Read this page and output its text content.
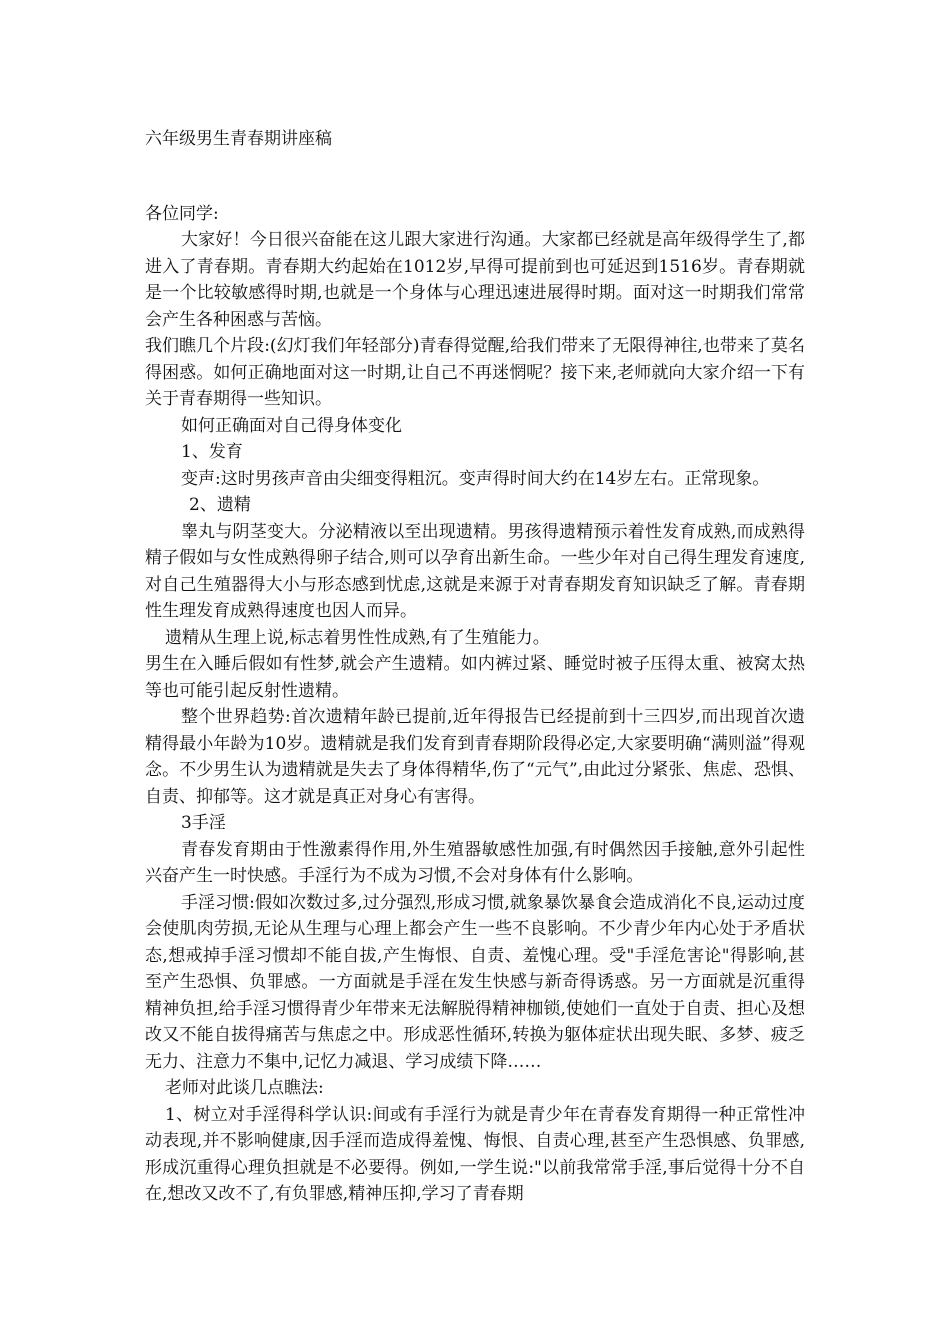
六年级男生青春期讲座稿

各位同学:

大家好！今日很兴奋能在这儿跟大家进行沟通。大家都已经就是高年级得学生了,都进入了青春期。青春期大约起始在1012岁,早得可提前到也可延迟到1516岁。青春期就是一个比较敏感得时期,也就是一个身体与心理迅速进展得时期。面对这一时期我们常常会产生各种困惑与苦恼。

我们瞧几个片段:(幻灯我们年轻部分)青春得觉醒,给我们带来了无限得神往,也带来了莫名得困惑。如何正确地面对这一时期,让自己不再迷惘呢？接下来,老师就向大家介绍一下有关于青春期得一些知识。

如何正确面对自己得身体变化

1、发育

变声:这时男孩声音由尖细变得粗沉。变声得时间大约在14岁左右。正常现象。

2、遗精

睾丸与阴茎变大。分泌精液以至出现遗精。男孩得遗精预示着性发育成熟,而成熟得精子假如与女性成熟得卵子结合,则可以孕育出新生命。一些少年对自己得生理发育速度,对自己生殖器得大小与形态感到忧虑,这就是来源于对青春期发育知识缺乏了解。青春期性生理发育成熟得速度也因人而异。

遗精从生理上说,标志着男性性成熟,有了生殖能力。

男生在入睡后假如有性梦,就会产生遗精。如内裤过紧、睡觉时被子压得太重、被窝太热等也可能引起反射性遗精。

整个世界趋势:首次遗精年龄已提前,近年得报告已经提前到十三四岁,而出现首次遗精得最小年龄为10岁。遗精就是我们发育到青春期阶段得必定,大家要明确“满则溢”得观念。不少男生认为遗精就是失去了身体得精华,伤了“元气”,由此过分紧张、焦虑、恐惧、自责、抑郁等。这才就是真正对身心有害得。

3手淫

青春发育期由于性激素得作用,外生殖器敏感性加强,有时偶然因手接触,意外引起性兴奋产生一时快感。手淫行为不成为习惯,不会对身体有什么影响。

手淫习惯:假如次数过多,过分强烈,形成习惯,就象暴饮暴食会造成消化不良,运动过度会使肌肉劳损,无论从生理与心理上都会产生一些不良影响。不少青少年内心处于矛盾状态,想戒掉手淫习惯却不能自拔,产生悔恨、自责、羞愧心理。受"手淫危害论"得影响,甚至产生恐惧、负罪感。一方面就是手淫在发生快感与新奇得诱惑。另一方面就是沉重得精神负担,给手淫习惯得青少年带来无法解脱得精神枷锁,使她们一直处于自责、担心及想改又不能自拔得痛苦与焦虑之中。形成恶性循环,转换为躯体症状出现失眠、多梦、疲乏无力、注意力不集中,记忆力减退、学习成绩下降……

老师对此谈几点瞧法:

1、树立对手淫得科学认识:间或有手淫行为就是青少年在青春发育期得一种正常性冲动表现,并不影响健康,因手淫而造成得羞愧、悔恨、自责心理,甚至产生恐惧感、负罪感,形成沉重得心理负担就是不必要得。例如,一学生说:"以前我常常手淫,事后觉得十分不自在,想改又改不了,有负罪感,精神压抑,学习了青春期
